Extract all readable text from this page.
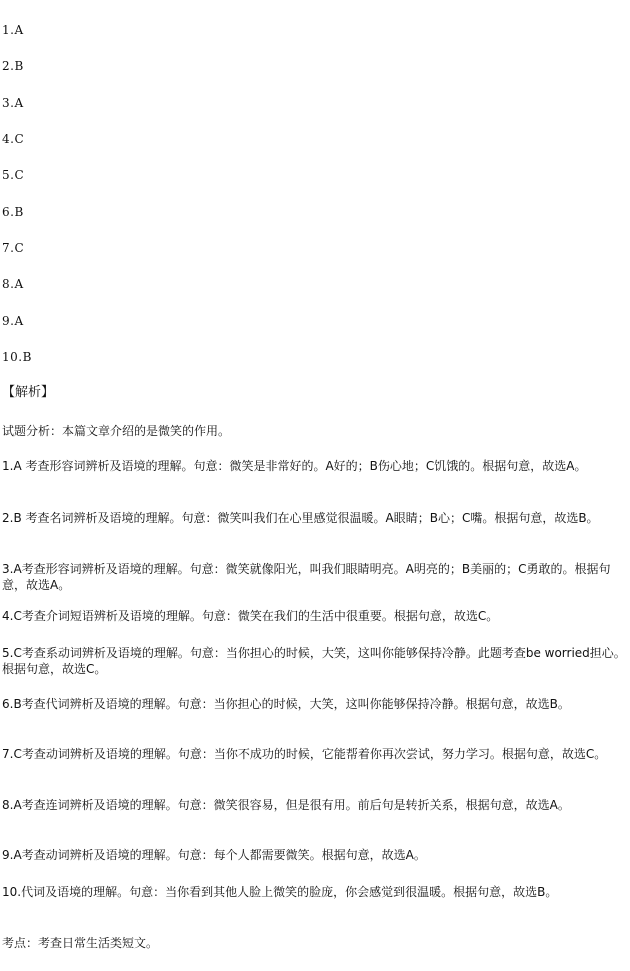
1.A
2.B
3.A
4.C
5.C
6.B
7.C
8.A
9.A
10.B
【解析】
试题分析：本篇文章介绍的是微笑的作用。
1.A 考查形容词辨析及语境的理解。句意：微笑是非常好的。A好的；B伤心地；C饥饿的。根据句意，故选A。
2.B 考查名词辨析及语境的理解。句意：微笑叫我们在心里感觉很温暖。A眼睛；B心；C嘴。根据句意，故选B。
3.A考查形容词辨析及语境的理解。句意：微笑就像阳光，叫我们眼睛明亮。A明亮的；B美丽的；C勇敢的。根据句意，故选A。
4.C考查介词短语辨析及语境的理解。句意：微笑在我们的生活中很重要。根据句意，故选C。
5.C考查系动词辨析及语境的理解。句意：当你担心的时候，大笑，这叫你能够保持冷静。此题考查be worried担心。根据句意，故选C。
6.B考查代词辨析及语境的理解。句意：当你担心的时候，大笑，这叫你能够保持冷静。根据句意，故选B。
7.C考查动词辨析及语境的理解。句意：当你不成功的时候，它能帮着你再次尝试，努力学习。根据句意，故选C。
8.A考查连词辨析及语境的理解。句意：微笑很容易，但是很有用。前后句是转折关系，根据句意，故选A。
9.A考查动词辨析及语境的理解。句意：每个人都需要微笑。根据句意，故选A。
10.代词及语境的理解。句意：当你看到其他人脸上微笑的脸庞，你会感觉到很温暖。根据句意，故选B。
考点：考查日常生活类短文。
